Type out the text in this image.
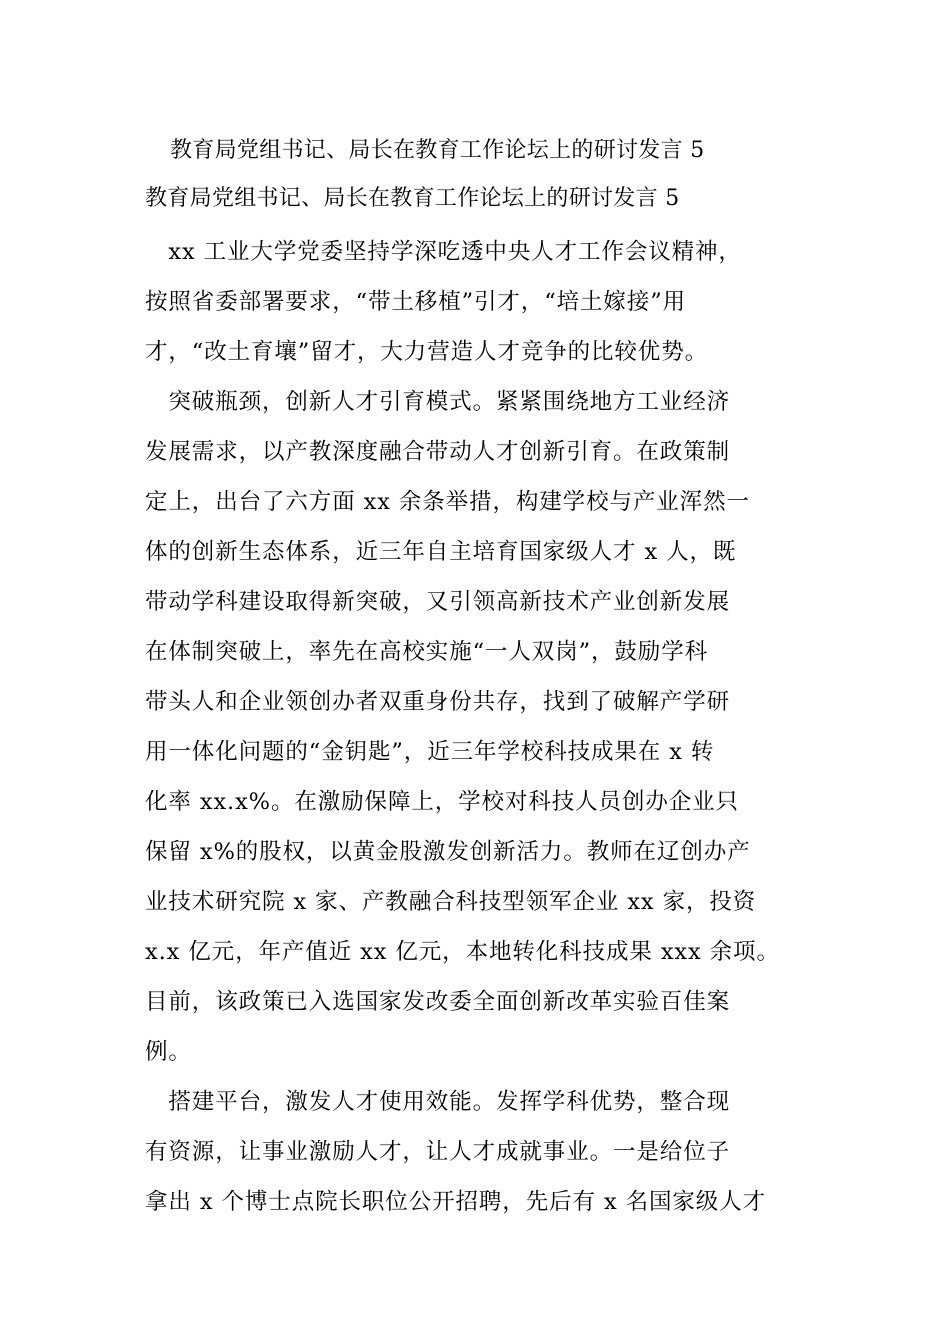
教育局党组书记、局长在教育工作论坛上的研讨发言 5
教育局党组书记、局长在教育工作论坛上的研讨发言 5
　xx 工业大学党委坚持学深吃透中央人才工作会议精神，
按照省委部署要求，“带土移植”引才，“培土嫁接”用
才，“改土育壤”留才，大力营造人才竞争的比较优势。
　突破瓶颈，创新人才引育模式。紧紧围绕地方工业经济
发展需求，以产教深度融合带动人才创新引育。在政策制
定上，出台了六方面 xx 余条举措，构建学校与产业浑然一
体的创新生态体系，近三年自主培育国家级人才 x 人，既
带动学科建设取得新突破，又引领高新技术产业创新发展
在体制突破上，率先在高校实施“一人双岗”，鼓励学科
带头人和企业领创办者双重身份共存，找到了破解产学研
用一体化问题的“金钥匙”，近三年学校科技成果在 x 转
化率 xx.x%。在激励保障上，学校对科技人员创办企业只
保留 x%的股权，以黄金股激发创新活力。教师在辽创办产
业技术研究院 x 家、产教融合科技型领军企业 xx 家，投资
x.x 亿元，年产值近 xx 亿元，本地转化科技成果 xxx 余项。
目前，该政策已入选国家发改委全面创新改革实验百佳案
例。
　搭建平台，激发人才使用效能。发挥学科优势，整合现
有资源，让事业激励人才，让人才成就事业。一是给位子
拿出 x 个博士点院长职位公开招聘，先后有 x 名国家级人才
